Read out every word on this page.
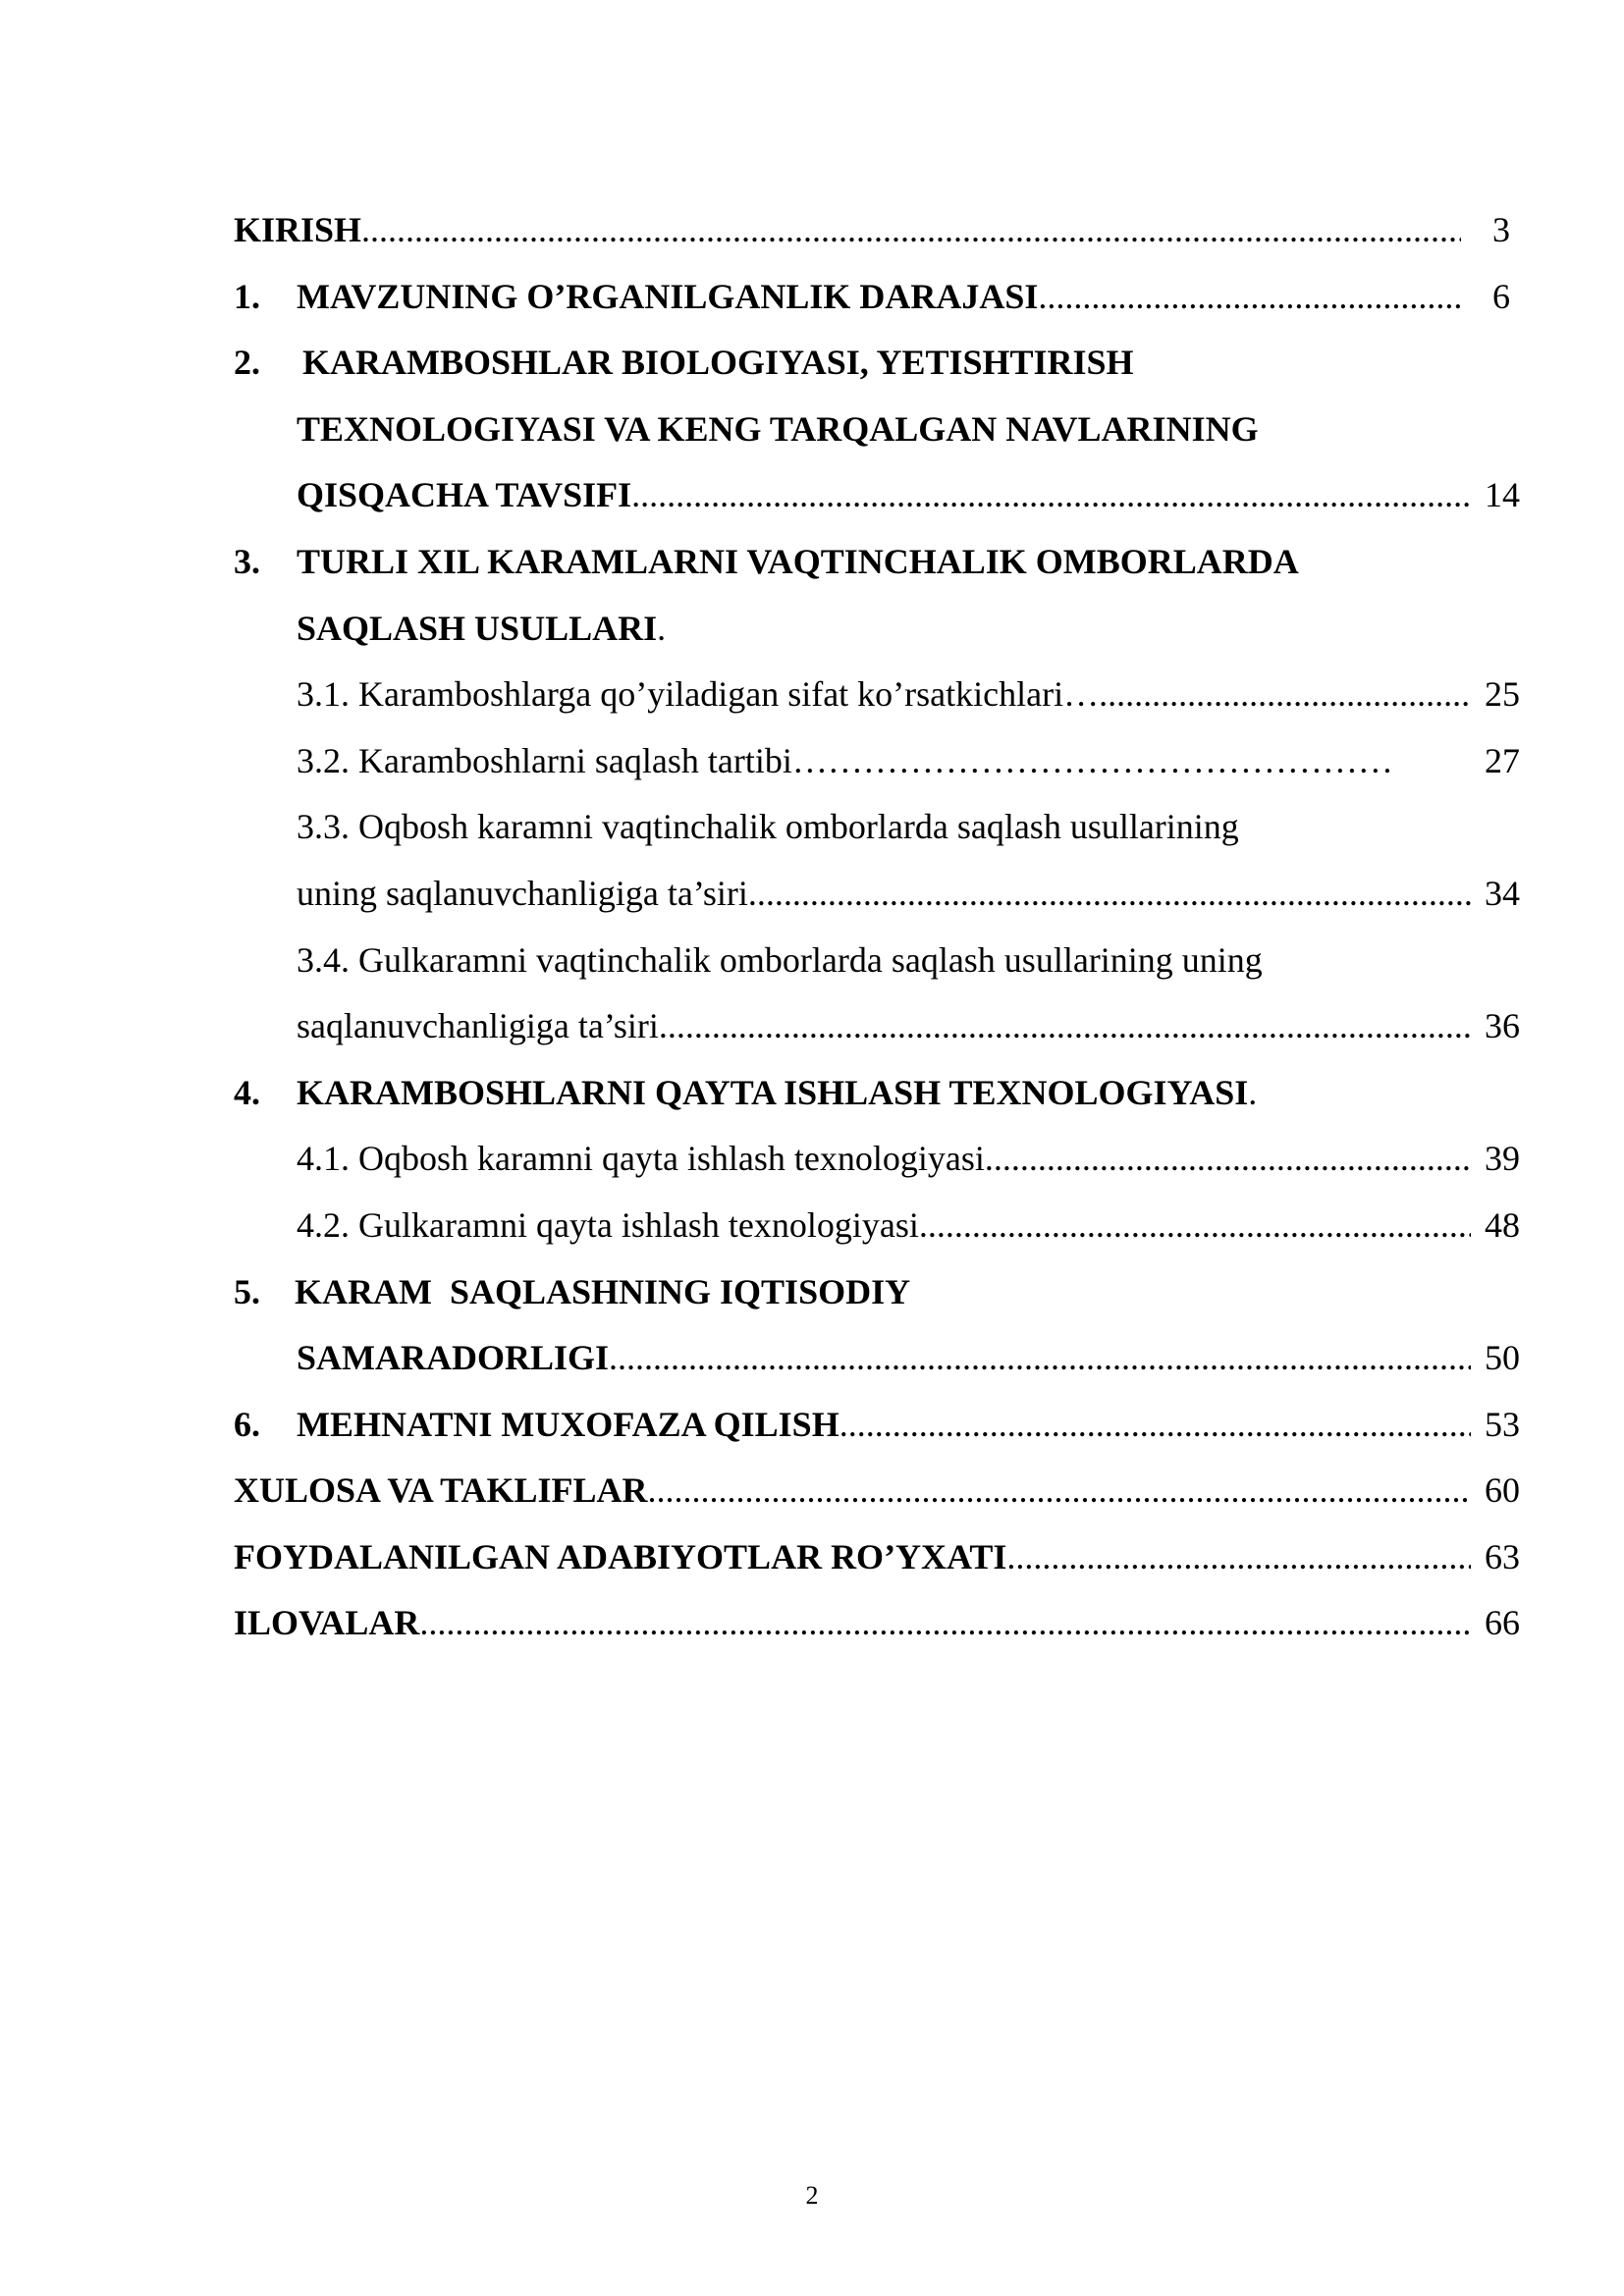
KIRISH .....	3
1. MAVZUNING O’RGANILGANLIK DARAJASI .....	6
2. KARAMBOSHLAR BIOLOGIYASI, YETISHTIRISH
TEXNOLOGIYASI VA KENG TARQALGAN NAVLARINING
QISQACHA TAVSIFI .....	14
3. TURLI XIL KARAMLARNI VAQTINCHALIK OMBORLARDA
SAQLASH USULLARI .
3.1. Karamboshlarga qo’yiladigan sifat ko’rsatkichlari… .....	25
3.2. Karamboshlarni saqlash tartibi……………………………………………	27
3.3. Oqbosh karamni vaqtinchalik omborlarda saqlash usullarining
uning saqlanuvchanligiga ta’siri .....	34
3.4. Gulkaramni vaqtinchalik omborlarda saqlash usullarining uning
saqlanuvchanligiga ta’siri .....	36
4. KARAMBOSHLARNI QAYTA ISHLASH TEXNOLOGIYASI .
4.1. Oqbosh karamni qayta ishlash texnologiyasi .....	39
4.2. Gulkaramni qayta ishlash texnologiyasi .....	48
5. KARAM  SAQLASHNING IQTISODIY
SAMARADORLIGI .....	50
6. MEHNATNI MUXOFAZA QILISH .....	53
XULOSA VA TAKLIFLAR .....	60
FOYDALANILGAN ADABIYOTLAR RO’YXATI .....	63
ILOVALAR .....	66
2
